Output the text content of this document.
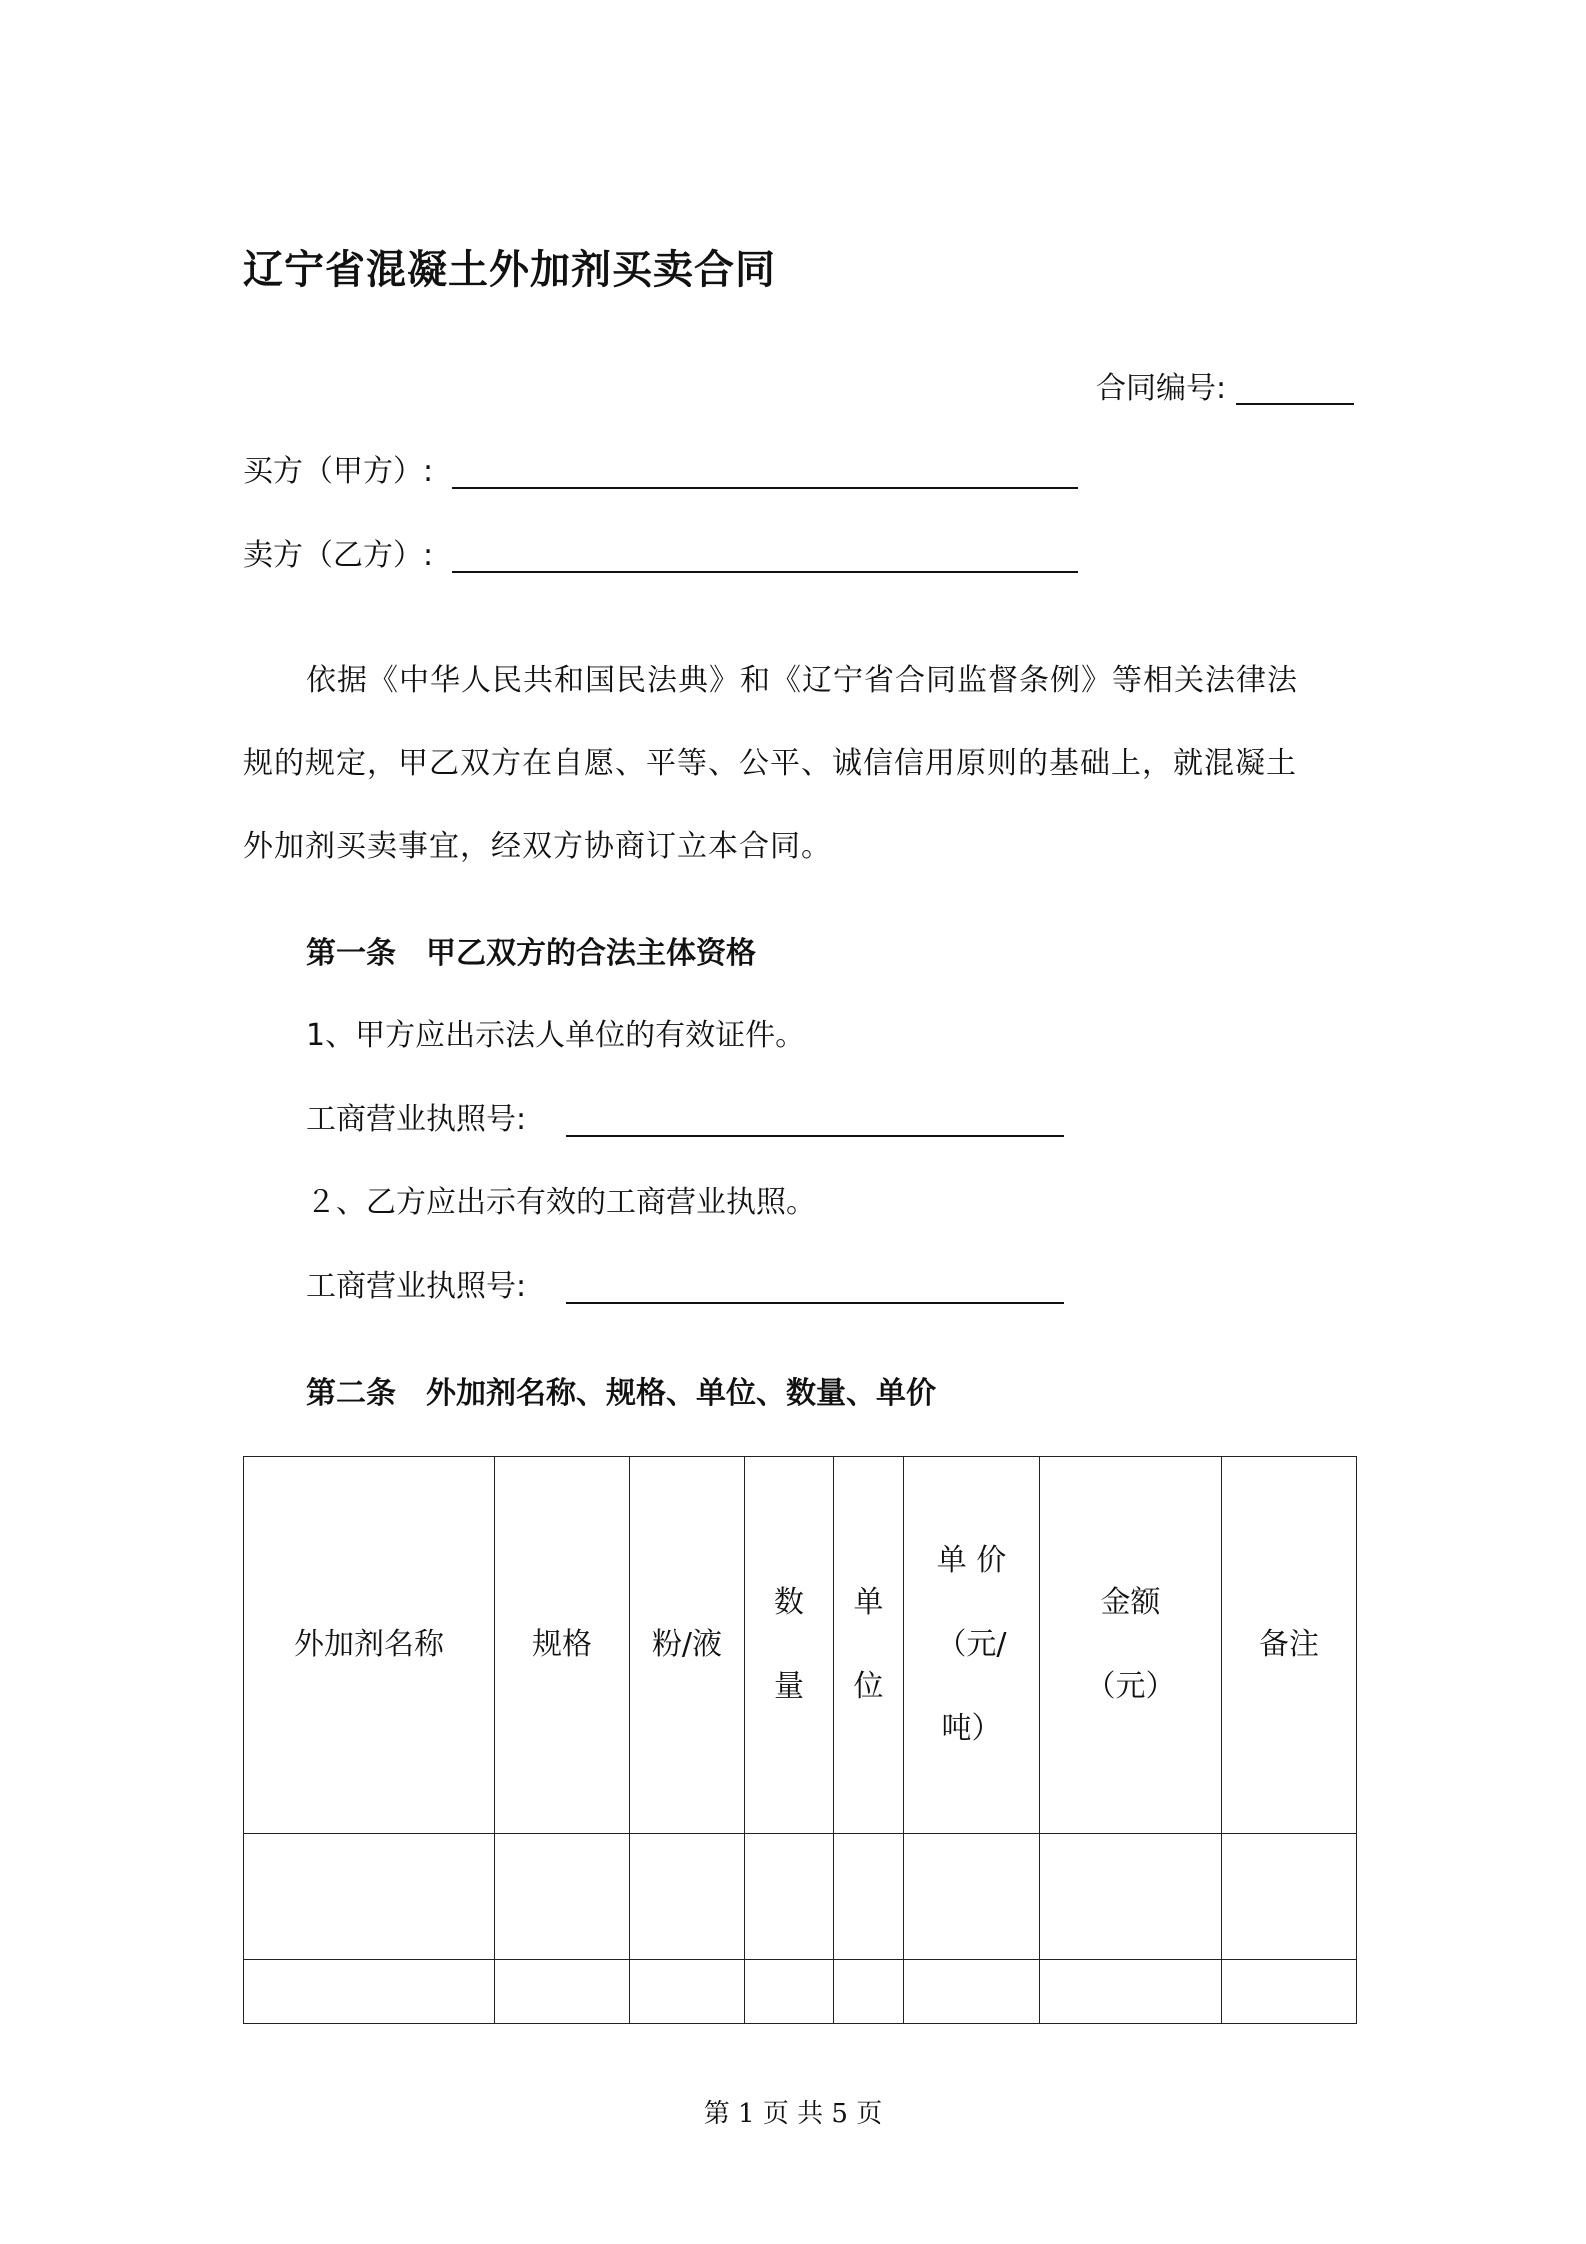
辽宁省混凝土外加剂买卖合同
合同编号:
买方（甲方）:
卖方（乙方）:
依据《中华人民共和国民法典》和《辽宁省合同监督条例》等相关法律法
规的规定，甲乙双方在自愿、平等、公平、诚信信用原则的基础上，就混凝土
外加剂买卖事宜，经双方协商订立本合同。
第一条　甲乙双方的合法主体资格
1、甲方应出示法人单位的有效证件。
工商营业执照号:
２、乙方应出示有效的工商营业执照。
工商营业执照号:
第二条　外加剂名称、规格、单位、数量、单价
外加剂名称	规格	粉/液	数量	单位	单 价（元/吨）	金额（元）	备注

第 1 页 共 5 页
